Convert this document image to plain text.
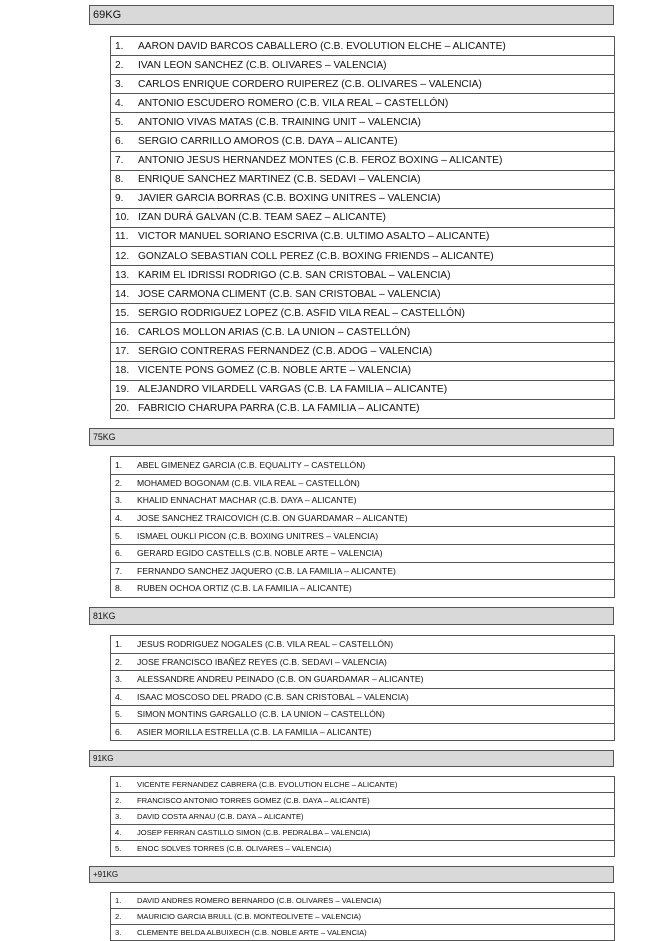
69KG
1.	AARON DAVID BARCOS CABALLERO (C.B. EVOLUTION ELCHE – ALICANTE)
2.	IVAN LEON SANCHEZ (C.B. OLIVARES – VALENCIA)
3.	CARLOS ENRIQUE CORDERO RUIPEREZ (C.B. OLIVARES – VALENCIA)
4.	ANTONIO ESCUDERO ROMERO (C.B. VILA REAL – CASTELLÓN)
5.	ANTONIO VIVAS MATAS (C.B. TRAINING UNIT – VALENCIA)
6.	SERGIO CARRILLO AMOROS (C.B. DAYA – ALICANTE)
7.	ANTONIO JESUS HERNANDEZ MONTES (C.B. FEROZ BOXING – ALICANTE)
8.	ENRIQUE SANCHEZ MARTINEZ (C.B. SEDAVI – VALENCIA)
9.	JAVIER GARCIA BORRAS (C.B. BOXING UNITRES – VALENCIA)
10. IZAN DURÁ GALVAN (C.B. TEAM SAEZ – ALICANTE)
11. VICTOR MANUEL SORIANO ESCRIVA (C.B. ULTIMO ASALTO – ALICANTE)
12. GONZALO SEBASTIAN COLL PEREZ (C.B. BOXING FRIENDS – ALICANTE)
13. KARIM EL IDRISSI RODRIGO (C.B. SAN CRISTOBAL – VALENCIA)
14. JOSE CARMONA CLIMENT (C.B. SAN CRISTOBAL – VALENCIA)
15. SERGIO RODRIGUEZ LOPEZ (C.B. ASFID VILA REAL – CASTELLÓN)
16. CARLOS MOLLON ARIAS (C.B. LA UNION – CASTELLÓN)
17. SERGIO CONTRERAS FERNANDEZ (C.B. ADOG – VALENCIA)
18. VICENTE PONS GOMEZ (C.B. NOBLE ARTE – VALENCIA)
19. ALEJANDRO VILARDELL VARGAS (C.B. LA FAMILIA – ALICANTE)
20. FABRICIO CHARUPA PARRA (C.B. LA FAMILIA – ALICANTE)
75KG
1.	ABEL GIMENEZ GARCIA (C.B. EQUALITY – CASTELLÓN)
2.	MOHAMED BOGONAM (C.B. VILA REAL – CASTELLÓN)
3.	KHALID ENNACHAT MACHAR (C.B. DAYA – ALICANTE)
4.	JOSE SANCHEZ TRAICOVICH (C.B. ON GUARDAMAR – ALICANTE)
5.	ISMAEL OUKLI PICON (C.B. BOXING UNITRES – VALENCIA)
6.	GERARD EGIDO CASTELLS (C.B. NOBLE ARTE – VALENCIA)
7.	FERNANDO SANCHEZ JAQUERO (C.B. LA FAMILIA – ALICANTE)
8.	RUBEN OCHOA ORTIZ (C.B. LA FAMILIA – ALICANTE)
81KG
1.	JESUS RODRIGUEZ NOGALES (C.B. VILA REAL – CASTELLÓN)
2.	JOSE FRANCISCO IBAÑEZ REYES (C.B. SEDAVI – VALENCIA)
3.	ALESSANDRE ANDREU PEINADO (C.B. ON GUARDAMAR – ALICANTE)
4.	ISAAC MOSCOSO DEL PRADO (C.B. SAN CRISTOBAL – VALENCIA)
5.	SIMON MONTINS GARGALLO (C.B. LA UNION – CASTELLÓN)
6.	ASIER MORILLA ESTRELLA (C.B. LA FAMILIA – ALICANTE)
91KG
1.	VICENTE FERNANDEZ CABRERA (C.B. EVOLUTION ELCHE – ALICANTE)
2.	FRANCISCO ANTONIO TORRES GOMEZ (C.B. DAYA – ALICANTE)
3.	DAVID COSTA ARNAU (C.B. DAYA – ALICANTE)
4.	JOSEP FERRAN CASTILLO SIMON (C.B. PEDRALBA – VALENCIA)
5.	ENOC SOLVES TORRES (C.B. OLIVARES – VALENCIA)
+91KG
1.	DAVID ANDRES ROMERO BERNARDO (C.B. OLIVARES – VALENCIA)
2.	MAURICIO GARCIA BRULL (C.B. MONTEOLIVETE – VALENCIA)
3.	CLEMENTE BELDA ALBUIXECH (C.B. NOBLE ARTE – VALENCIA)
